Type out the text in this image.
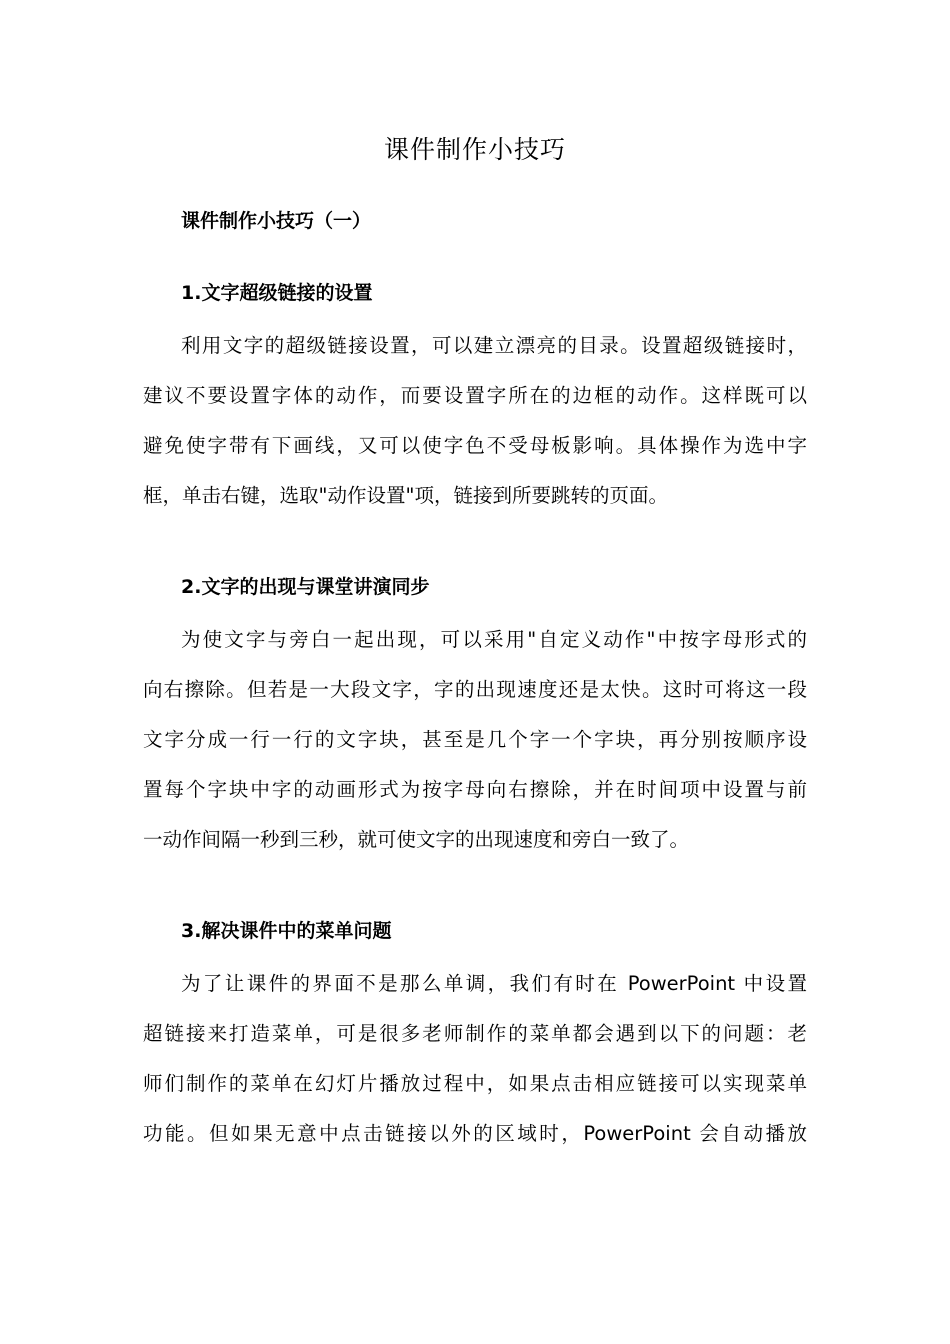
课件制作小技巧
课件制作小技巧（一）
1.文字超级链接的设置
利用文字的超级链接设置，可以建立漂亮的目录。设置超级链接时，
建议不要设置字体的动作，而要设置字所在的边框的动作。这样既可以
避免使字带有下画线，又可以使字色不受母板影响。具体操作为选中字
框，单击右键，选取"动作设置"项，链接到所要跳转的页面。
2.文字的出现与课堂讲演同步
为使文字与旁白一起出现，可以采用"自定义动作"中按字母形式的
向右擦除。但若是一大段文字，字的出现速度还是太快。这时可将这一段
文字分成一行一行的文字块，甚至是几个字一个字块，再分别按顺序设
置每个字块中字的动画形式为按字母向右擦除，并在时间项中设置与前
一动作间隔一秒到三秒，就可使文字的出现速度和旁白一致了。
3.解决课件中的菜单问题
为了让课件的界面不是那么单调，我们有时在 PowerPoint 中设置
超链接来打造菜单，可是很多老师制作的菜单都会遇到以下的问题：老
师们制作的菜单在幻灯片播放过程中，如果点击相应链接可以实现菜单
功能。但如果无意中点击链接以外的区域时，PowerPoint 会自动播放
